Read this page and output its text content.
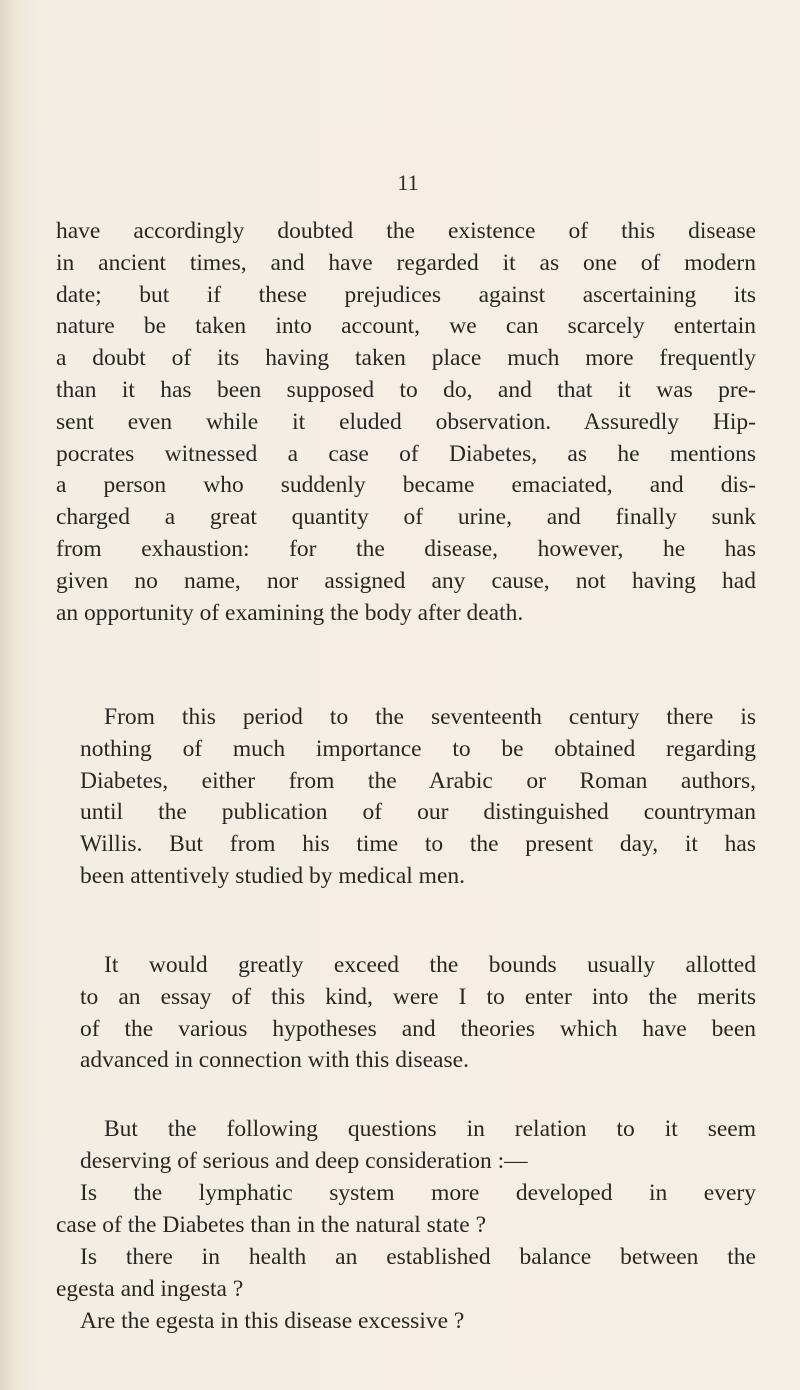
11
have accordingly doubted the existence of this disease
in ancient times, and have regarded it as one of modern
date; but if these prejudices against ascertaining its
nature be taken into account, we can scarcely entertain
a doubt of its having taken place much more frequently
than it has been supposed to do, and that it was pre-
sent even while it eluded observation. Assuredly Hip-
pocrates witnessed a case of Diabetes, as he mentions
a person who suddenly became emaciated, and dis-
charged a great quantity of urine, and finally sunk
from exhaustion: for the disease, however, he has
given no name, nor assigned any cause, not having had
an opportunity of examining the body after death.
From this period to the seventeenth century there is
nothing of much importance to be obtained regarding
Diabetes, either from the Arabic or Roman authors,
until the publication of our distinguished countryman
Willis. But from his time to the present day, it has
been attentively studied by medical men.
It would greatly exceed the bounds usually allotted
to an essay of this kind, were I to enter into the merits
of the various hypotheses and theories which have been
advanced in connection with this disease.
But the following questions in relation to it seem
deserving of serious and deep consideration :—
Is the lymphatic system more developed in every
case of the Diabetes than in the natural state ?
Is there in health an established balance between the
egesta and ingesta ?
Are the egesta in this disease excessive ?
